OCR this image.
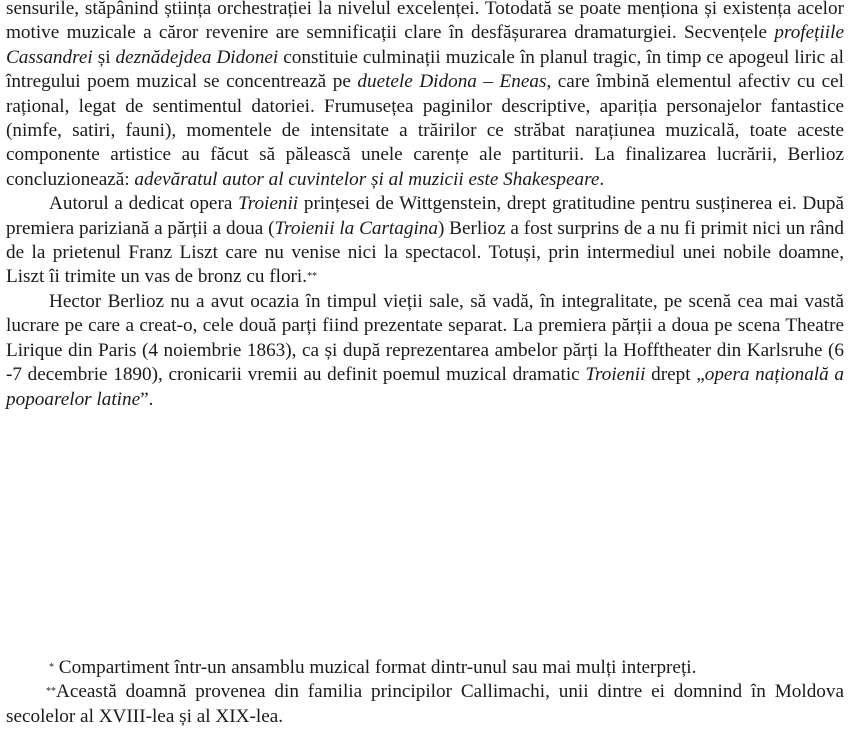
sensurile, stăpânind știința orchestrației la nivelul excelenței. Totodată se poate menționa și existența acelor motive muzicale a căror revenire are semnificații clare în desfășurarea dramaturgiei. Secvențele profețiile Cassandrei și deznădejdea Didonei constituie culminații muzicale în planul tragic, în timp ce apogeul liric al întregului poem muzical se concentrează pe duetele Didona – Eneas, care îmbină elementul afectiv cu cel rațional, legat de sentimentul datoriei. Frumusețea paginilor descriptive, apariția personajelor fantastice (nimfe, satiri, fauni), momentele de intensitate a trăirilor ce străbat narațiunea muzicală, toate aceste componente artistice au făcut să pălească unele carențe ale partiturii. La finalizarea lucrării, Berlioz concluzionează: adevăratul autor al cuvintelor și al muzicii este Shakespeare.

Autorul a dedicat opera Troienii prințesei de Wittgenstein, drept gratitudine pentru susținerea ei. După premiera pariziană a părții a doua (Troienii la Cartagina) Berlioz a fost surprins de a nu fi primit nici un rând de la prietenul Franz Liszt care nu venise nici la spectacol. Totuși, prin intermediul unei nobile doamne, Liszt îi trimite un vas de bronz cu flori.**

Hector Berlioz nu a avut ocazia în timpul vieții sale, să vadă, în integralitate, pe scenă cea mai vastă lucrare pe care a creat-o, cele două parți fiind prezentate separat. La premiera părții a doua pe scena Theatre Lirique din Paris (4 noiembrie 1863), ca și după reprezentarea ambelor părți la Hofftheater din Karlsruhe (6 -7 decembrie 1890), cronicarii vremii au definit poemul muzical dramatic Troienii drept „opera națională a popoarelor latine”.

* Compartiment într-un ansamblu muzical format dintr-unul sau mai mulți interpreți.

**Această doamnă provenea din familia principilor Callimachi, unii dintre ei domnind în Moldova secolelor al XVIII-lea și al XIX-lea.
